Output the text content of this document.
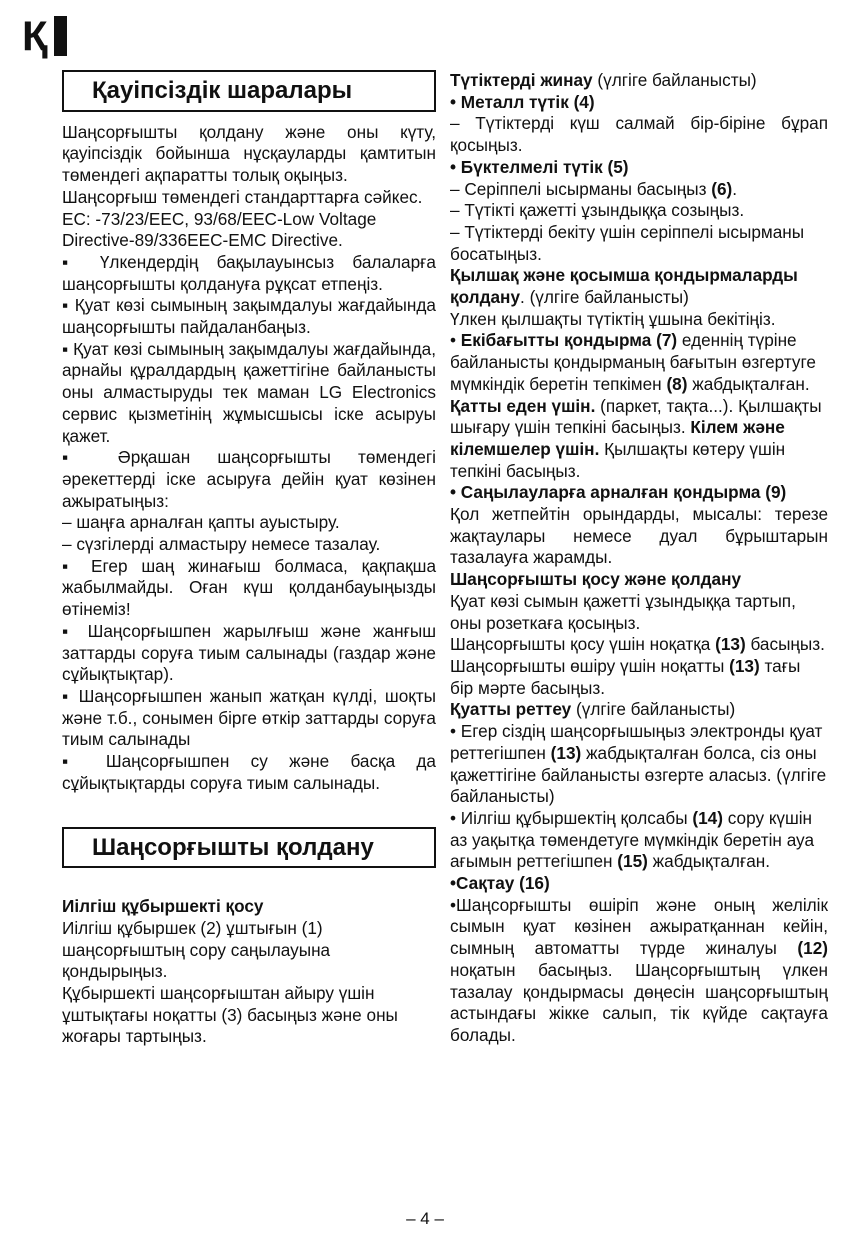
Қ
Қауіпсіздік шаралары

Шаңсорғышты қолдану және оны күту, қауіпсіздік бойынша нұсқауларды қамтитын төмендегі ақпаратты толық оқыңыз.

Шаңсорғыш төмендегі стандарттарға сәйкес.

EC: -73/23/EEC, 93/68/EEC-Low Voltage Directive-89/336EEC-EMC Directive.

▪ Үлкендердің бақылауынсыз балаларға шаңсорғышты қолдануға рұқсат етпеңіз.

▪ Қуат көзі сымының зақымдалуы жағдайында шаңсорғышты пайдаланбаңыз.

▪ Қуат көзі сымының зақымдалуы жағдайында, арнайы құралдардың қажеттігіне байланысты оны алмастыруды тек маман LG Electronics сервис қызметінің жұмысшысы іске асыруы қажет.

▪ Әрқашан шаңсорғышты төмендегі әрекеттерді іске асыруға дейін қуат көзінен ажыратыңыз:

– шаңға арналған қапты ауыстыру.

– сүзгілерді алмастыру немесе тазалау.

▪ Егер шаң жинағыш болмаса, қақпақша жабылмайды. Оған күш қолданбауыңызды өтінеміз!

▪ Шаңсорғышпен жарылғыш және жанғыш заттарды соруға тиым салынады (газдар және сұйықтықтар).

▪ Шаңсорғышпен жанып жатқан күлді, шоқты және т.б., сонымен бірге өткір заттарды соруға тиым салынады

▪ Шаңсорғышпен су және басқа да сұйықтықтарды соруға тиым салынады.

Шаңсорғышты қолдану

Иілгіш құбыршекті қосу

Иілгіш құбыршек (2) ұштығын (1) шаңсорғыштың сору саңылауына қондырыңыз.

Құбыршекті шаңсорғыштан айыру үшін ұштықтағы ноқатты (3) басыңыз және оны жоғары тартыңыз.

Түтіктерді жинау (үлгіге байланысты)

• Металл түтік (4)

– Түтіктерді күш салмай бір-біріне бұрап қосыңыз.

• Бүктелмелі түтік (5)

– Серіппелі ысырманы басыңыз (6).

– Түтікті қажетті ұзындыққа созыңыз.

– Түтіктерді бекіту үшін серіппелі ысырманы босатыңыз.

Қылшақ және қосымша қондырмаларды қолдану. (үлгіге байланысты)

Үлкен қылшақты түтіктің ұшына бекітіңіз.

• Екібағытты қондырма (7) еденнің түріне байланысты қондырманың бағытын өзгертуге мүмкіндік беретін тепкімен (8) жабдықталған.

Қатты еден үшін. (паркет, тақта...). Қылшақты шығару үшін тепкіні басыңыз. Кілем және кілемшелер үшін. Қылшақты көтеру үшін тепкіні басыңыз.

• Саңылауларға арналған қондырма (9)

Қол жетпейтін орындарды, мысалы: терезе жақтаулары немесе дуал бұрыштарын тазалауға жарамды.

Шаңсорғышты қосу және қолдану

Қуат көзі сымын қажетті ұзындыққа тартып, оны розеткаға қосыңыз.

Шаңсорғышты қосу үшін ноқатқа (13) басыңыз. Шаңсорғышты өшіру үшін ноқатты (13) тағы бір мәрте басыңыз.

Қуатты реттеу (үлгіге байланысты)

• Егер сіздің шаңсорғышыңыз электронды қуат реттегішпен (13) жабдықталған болса, сіз оны қажеттігіне байланысты өзгерте аласыз. (үлгіге байланысты)

• Иілгіш құбыршектің қолсабы (14) сору күшін аз уақытқа төмендетуге мүмкіндік беретін ауа ағымын реттегішпен (15) жабдықталған.

•Сақтау (16)

•Шаңсорғышты өшіріп және оның желілік сымын қуат көзінен ажыратқаннан кейін, сымның автоматты түрде жиналуы (12) ноқатын басыңыз. Шаңсорғыштың үлкен тазалау қондырмасы дөңесін шаңсорғыштың астындағы жікке салып, тік күйде сақтауға болады.

– 4 –
